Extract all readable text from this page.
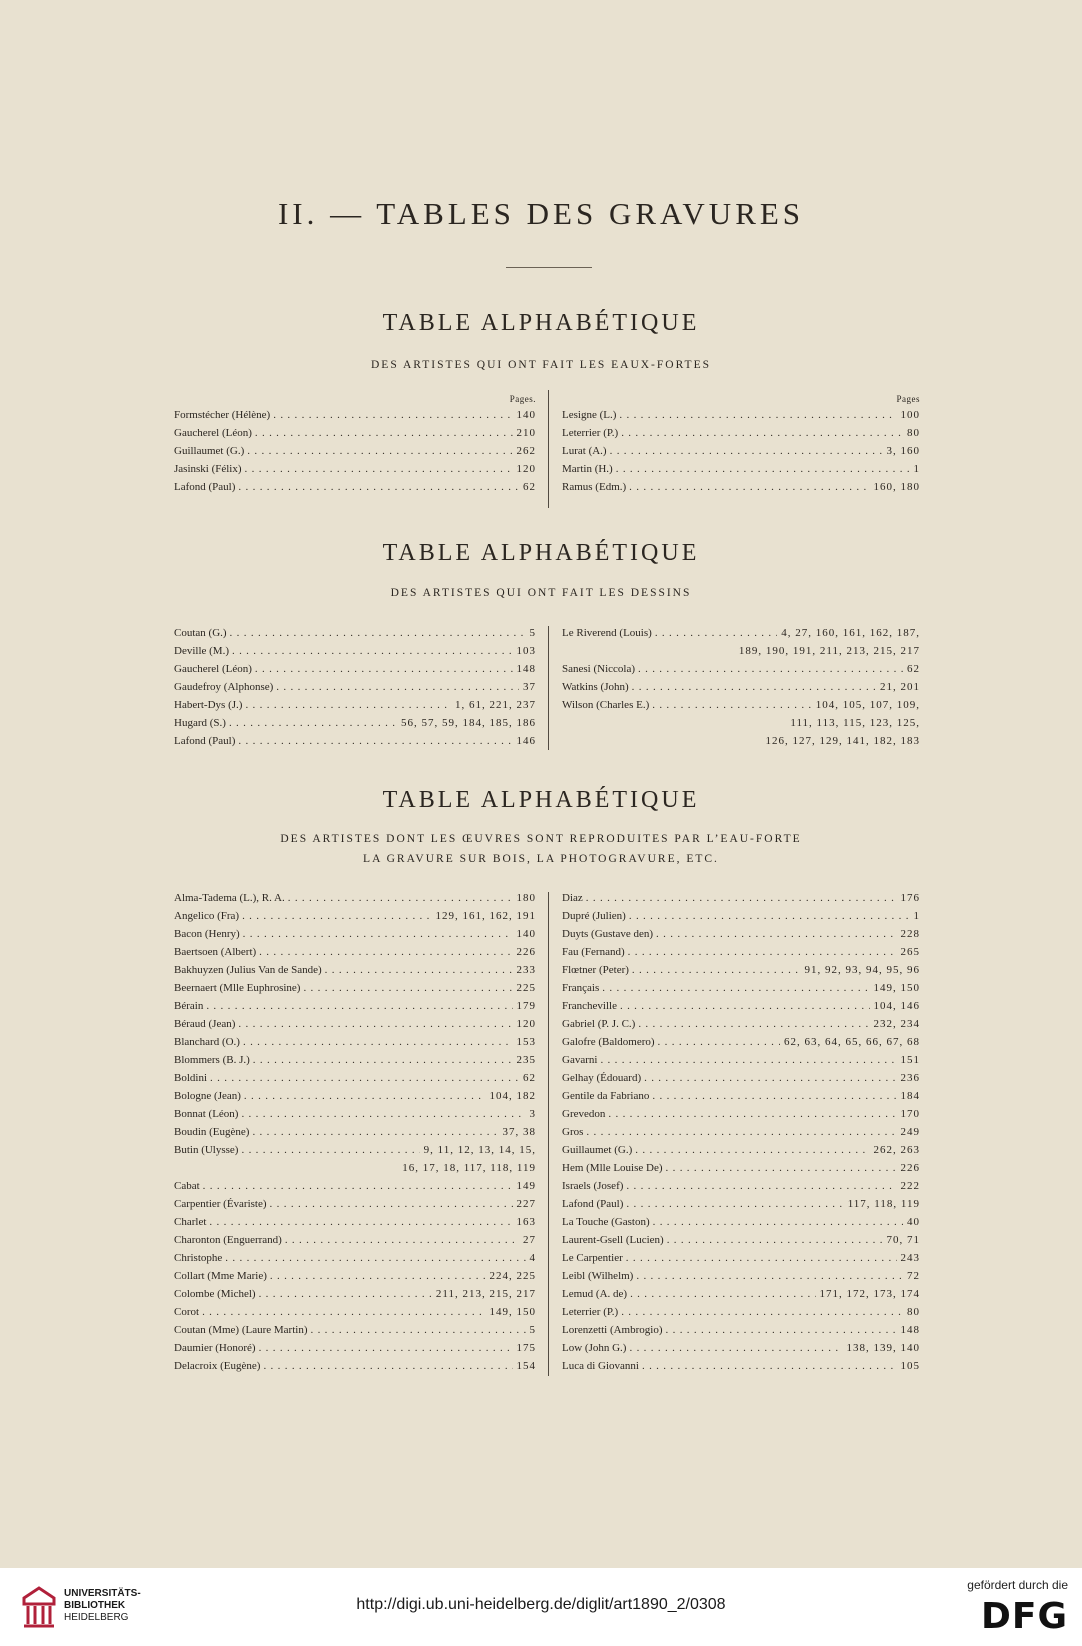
II. — TABLES DES GRAVURES
TABLE ALPHABÉTIQUE
DES ARTISTES QUI ONT FAIT LES EAUX-FORTES
Pages.
Formstécher (Hélène) . . .	140
Gaucherel (Léon) . . .	210
Guillaumet (G.) . . .	262
Jasinski (Félix) . . .	120
Lafond (Paul) . . .	62
Pages
Lesigne (L.) . . .	100
Leterrier (P.) . . .	80
Lurat (A.) . . .	3, 160
Martin (H.) . . .	1
Ramus (Edm.) . . .	160, 180
TABLE ALPHABÉTIQUE
DES ARTISTES QUI ONT FAIT LES DESSINS
Coutan (G.) . . .	5
Deville (M.) . . .	103
Gaucherel (Léon) . . .	148
Gaudefroy (Alphonse) . . .	37
Habert-Dys (J.) . . .	1, 61, 221, 237
Hugard (S.) . . .	56, 57, 59, 184, 185, 186
Lafond (Paul) . . .	146
Le Riverend (Louis) . . .	4, 27, 160, 161, 162, 187,
189, 190, 191, 211, 213, 215, 217
Sanesi (Niccola) . . .	62
Watkins (John) . . .	21, 201
Wilson (Charles E.) . . .	104, 105, 107, 109,
111, 113, 115, 123, 125,
126, 127, 129, 141, 182, 183
TABLE ALPHABÉTIQUE
DES ARTISTES DONT LES ŒUVRES SONT REPRODUITES PAR L’EAU-FORTE
LA GRAVURE SUR BOIS, LA PHOTOGRAVURE, ETC.
Alma-Tadema (L.), R. A. . . .	180
Angelico (Fra) . . .	129, 161, 162, 191
Bacon (Henry) . . .	140
Baertsoen (Albert) . . .	226
Bakhuyzen (Julius Van de Sande) . . .	233
Beernaert (Mlle Euphrosine) . . .	225
Bérain . . .	179
Béraud (Jean) . . .	120
Blanchard (O.) . . .	153
Blommers (B. J.) . . .	235
Boldini . . .	62
Bologne (Jean) . . .	104, 182
Bonnat (Léon) . . .	3
Boudin (Eugène) . . .	37, 38
Butin (Ulysse) . . .	9, 11, 12, 13, 14, 15,
16, 17, 18, 117, 118, 119
Cabat . . .	149
Carpentier (Évariste) . . .	227
Charlet . . .	163
Charonton (Enguerrand) . . .	27
Christophe . . .	4
Collart (Mme Marie) . . .	224, 225
Colombe (Michel) . . .	211, 213, 215, 217
Corot . . .	149, 150
Coutan (Mme) (Laure Martin) . . .	5
Daumier (Honoré) . . .	175
Delacroix (Eugène) . . .	154
Diaz . . .	176
Dupré (Julien) . . .	1
Duyts (Gustave den) . . .	228
Fau (Fernand) . . .	265
Flœtner (Peter) . . .	91, 92, 93, 94, 95, 96
Français . . .	149, 150
Francheville . . .	104, 146
Gabriel (P. J. C.) . . .	232, 234
Galofre (Baldomero) . . .	62, 63, 64, 65, 66, 67, 68
Gavarni . . .	151
Gelhay (Édouard) . . .	236
Gentile da Fabriano . . .	184
Grevedon . . .	170
Gros . . .	249
Guillaumet (G.) . . .	262, 263
Hem (Mlle Louise De) . . .	226
Israels (Josef) . . .	222
Lafond (Paul) . . .	117, 118, 119
La Touche (Gaston) . . .	40
Laurent-Gsell (Lucien) . . .	70, 71
Le Carpentier . . .	243
Leibl (Wilhelm) . . .	72
Lemud (A. de) . . .	171, 172, 173, 174
Leterrier (P.) . . .	80
Lorenzetti (Ambrogio) . . .	148
Low (John G.) . . .	138, 139, 140
Luca di Giovanni . . .	105
UNIVERSITÄTS-
BIBLIOTHEK
HEIDELBERG
http://digi.ub.uni-heidelberg.de/diglit/art1890_2/0308
gefördert durch die
DFG
